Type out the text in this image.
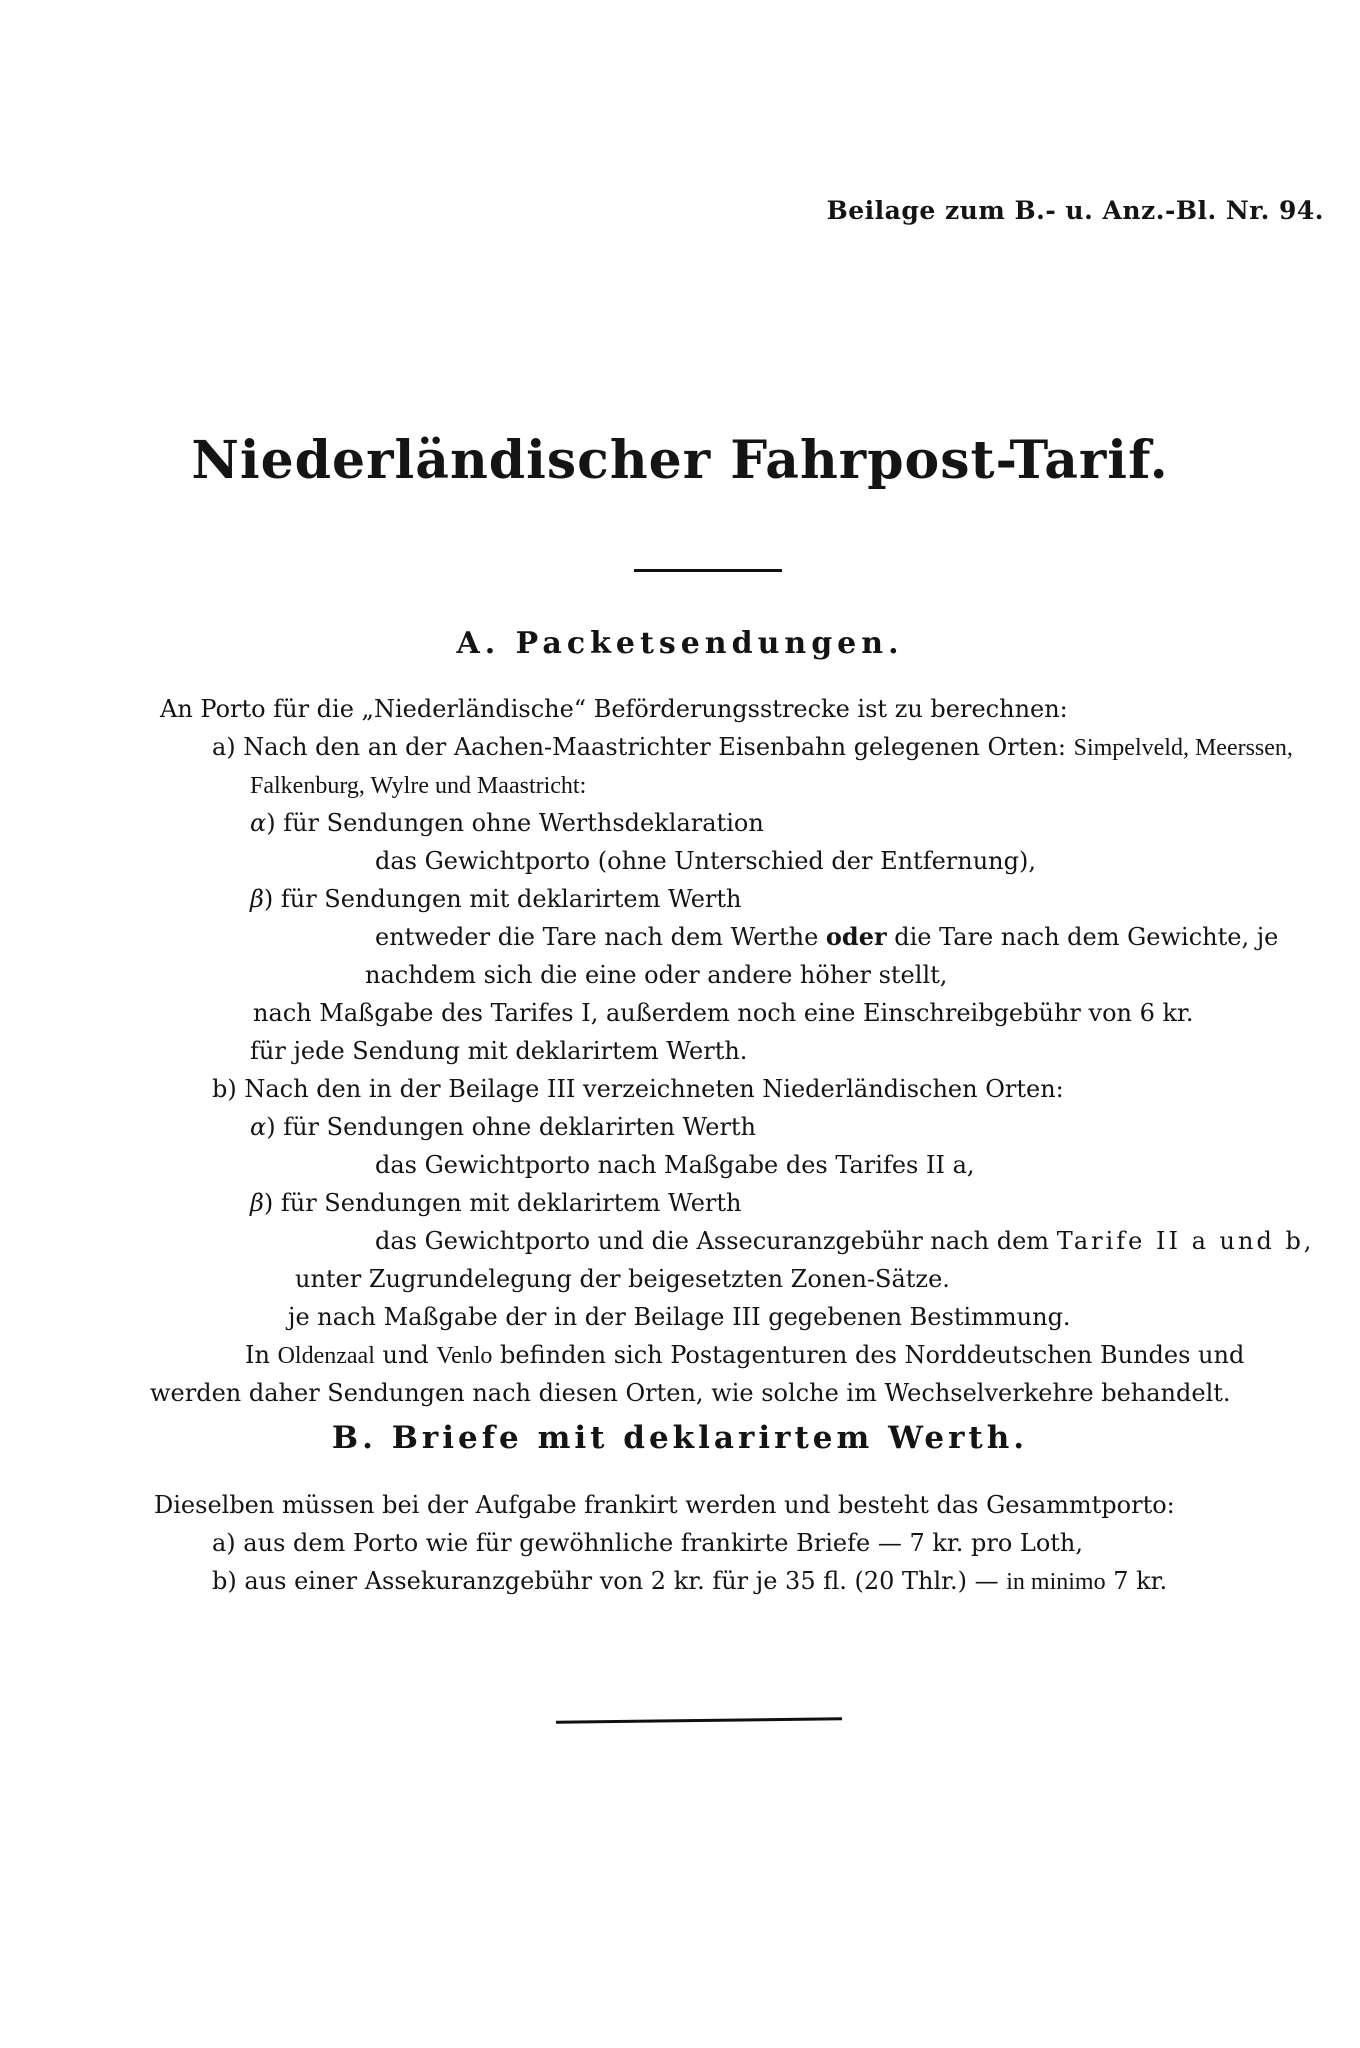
Beilage zum B.- u. Anz.-Bl. Nr. 94.
Niederländischer Fahrpost-Tarif.
A. Packetsendungen.
An Porto für die „Niederländische“ Beförderungsstrecke ist zu berechnen:
a) Nach den an der Aachen-Maastrichter Eisenbahn gelegenen Orten: Simpelveld, Meerssen,
Falkenburg, Wylre und Maastricht:
α) für Sendungen ohne Werthsdeklaration
das Gewichtporto (ohne Unterschied der Entfernung),
β) für Sendungen mit deklarirtem Werth
entweder die Tare nach dem Werthe oder die Tare nach dem Gewichte, je
nachdem sich die eine oder andere höher stellt,
nach Maßgabe des Tarifes I, außerdem noch eine Einschreibgebühr von 6 kr.
für jede Sendung mit deklarirtem Werth.
b) Nach den in der Beilage III verzeichneten Niederländischen Orten:
α) für Sendungen ohne deklarirten Werth
das Gewichtporto nach Maßgabe des Tarifes II a,
β) für Sendungen mit deklarirtem Werth
das Gewichtporto und die Assecuranzgebühr nach dem Tarife II a und b,
unter Zugrundelegung der beigesetzten Zonen-Sätze.
je nach Maßgabe der in der Beilage III gegebenen Bestimmung.
In Oldenzaal und Venlo befinden sich Postagenturen des Norddeutschen Bundes und
werden daher Sendungen nach diesen Orten, wie solche im Wechselverkehre behandelt.
B. Briefe mit deklarirtem Werth.
Dieselben müssen bei der Aufgabe frankirt werden und besteht das Gesammtporto:
a) aus dem Porto wie für gewöhnliche frankirte Briefe — 7 kr. pro Loth,
b) aus einer Assekuranzgebühr von 2 kr. für je 35 fl. (20 Thlr.) — in minimo 7 kr.
